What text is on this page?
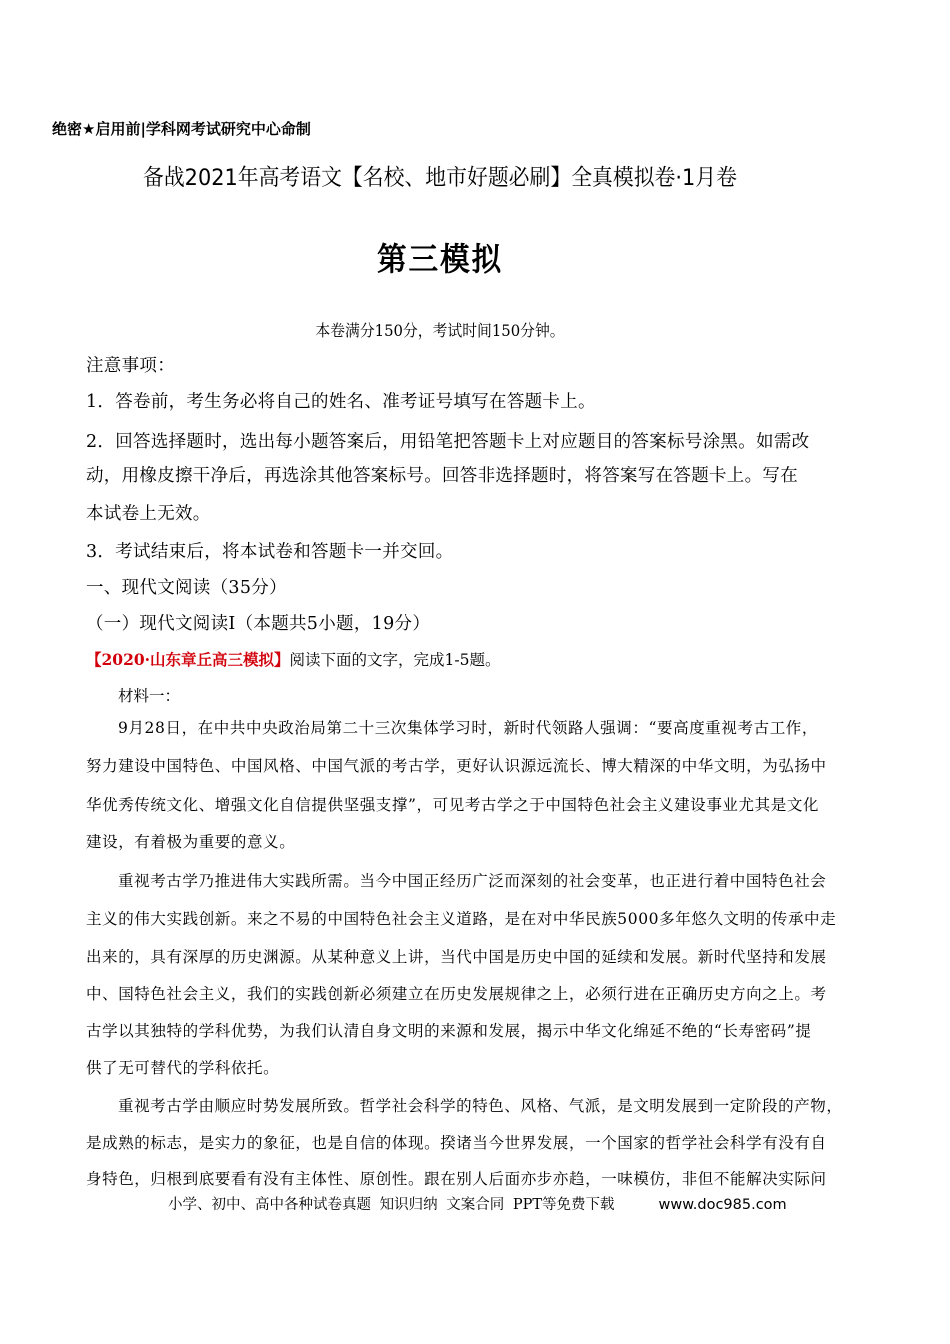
绝密★启用前|学科网考试研究中心命制
备战2021年高考语文【名校、地市好题必刷】全真模拟卷·1月卷
第三模拟
本卷满分150分，考试时间150分钟。
注意事项：
1．答卷前，考生务必将自己的姓名、准考证号填写在答题卡上。
2．回答选择题时，选出每小题答案后，用铅笔把答题卡上对应题目的答案标号涂黑。如需改
动，用橡皮擦干净后，再选涂其他答案标号。回答非选择题时，将答案写在答题卡上。写在
本试卷上无效。
3．考试结束后，将本试卷和答题卡一并交回。
一、现代文阅读（35分）
（一）现代文阅读Ⅰ（本题共5小题，19分）
【2020·山东章丘高三模拟】阅读下面的文字，完成1-5题。
材料一：
9月28日，在中共中央政治局第二十三次集体学习时，新时代领路人强调：“要高度重视考古工作，
努力建设中国特色、中国风格、中国气派的考古学，更好认识源远流长、博大精深的中华文明，为弘扬中
华优秀传统文化、增强文化自信提供坚强支撑”，可见考古学之于中国特色社会主义建设事业尤其是文化
建设，有着极为重要的意义。
重视考古学乃推进伟大实践所需。当今中国正经历广泛而深刻的社会变革，也正进行着中国特色社会
主义的伟大实践创新。来之不易的中国特色社会主义道路，是在对中华民族5000多年悠久文明的传承中走
出来的，具有深厚的历史渊源。从某种意义上讲，当代中国是历史中国的延续和发展。新时代坚持和发展
中、国特色社会主义，我们的实践创新必须建立在历史发展规律之上，必须行进在正确历史方向之上。考
古学以其独特的学科优势，为我们认清自身文明的来源和发展，揭示中华文化绵延不绝的“长寿密码”提
供了无可替代的学科依托。
重视考古学由顺应时势发展所致。哲学社会科学的特色、风格、气派，是文明发展到一定阶段的产物，
是成熟的标志，是实力的象征，也是自信的体现。揆诸当今世界发展，一个国家的哲学社会科学有没有自
身特色，归根到底要看有没有主体性、原创性。跟在别人后面亦步亦趋，一味模仿，非但不能解决实际问
小学、初中、高中各种试卷真题 知识归纳 文案合同 PPT等免费下载	www.doc985.com
